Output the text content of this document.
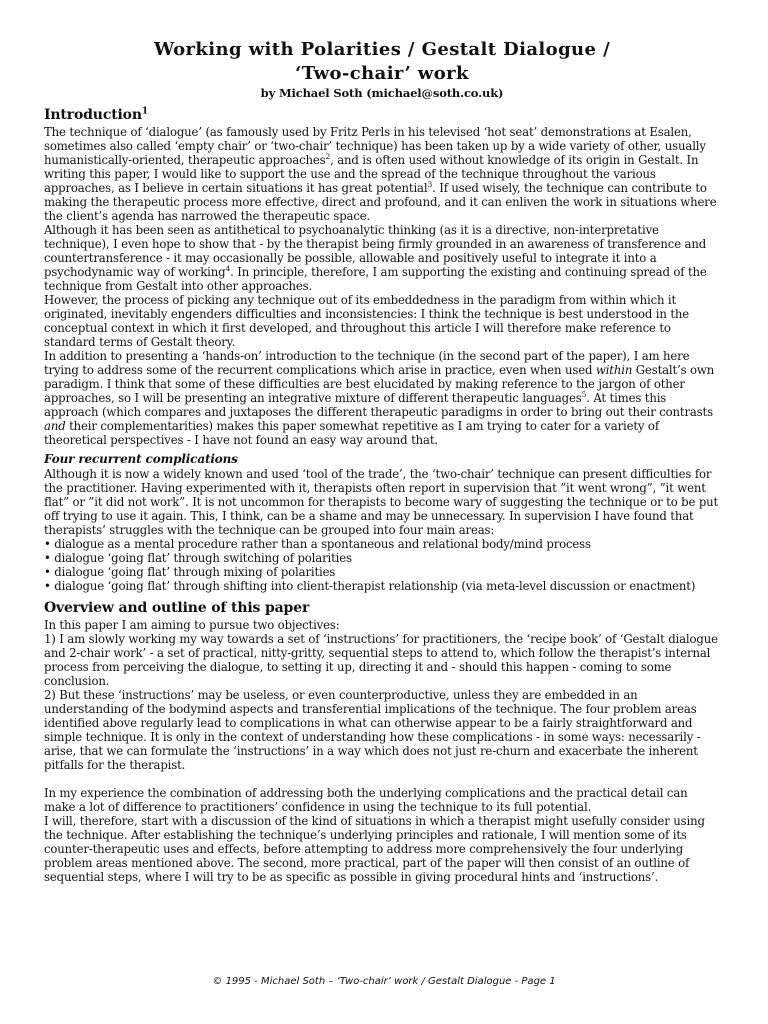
Working with Polarities / Gestalt Dialogue /
‘Two-chair’ work

by Michael Soth (michael@soth.co.uk)

Introduction$^1$

The technique of ‘dialogue’ (as famously used by Fritz Perls in his televised ‘hot seat’ demonstrations at Esalen, sometimes also called ‘empty chair’ or ‘two-chair’ technique) has been taken up by a wide variety of other, usually humanistically-oriented, therapeutic approaches$^2$, and is often used without knowledge of its origin in Gestalt. In writing this paper, I would like to support the use and the spread of the technique throughout the various approaches, as I believe in certain situations it has great potential$^3$. If used wisely, the technique can contribute to making the therapeutic process more effective, direct and profound, and it can enliven the work in situations where the client’s agenda has narrowed the therapeutic space.

Although it has been seen as antithetical to psychoanalytic thinking (as it is a directive, non-interpretative technique), I even hope to show that - by the therapist being firmly grounded in an awareness of transference and countertransference - it may occasionally be possible, allowable and positively useful to integrate it into a psychodynamic way of working$^4$. In principle, therefore, I am supporting the existing and continuing spread of the technique from Gestalt into other approaches.

However, the process of picking any technique out of its embeddedness in the paradigm from within which it originated, inevitably engenders difficulties and inconsistencies: I think the technique is best understood in the conceptual context in which it first developed, and throughout this article I will therefore make reference to standard terms of Gestalt theory.

In addition to presenting a ‘hands-on’ introduction to the technique (in the second part of the paper), I am here trying to address some of the recurrent complications which arise in practice, even when used within Gestalt’s own paradigm. I think that some of these difficulties are best elucidated by making reference to the jargon of other approaches, so I will be presenting an integrative mixture of different therapeutic languages$^5$. At times this approach (which compares and juxtaposes the different therapeutic paradigms in order to bring out their contrasts and their complementarities) makes this paper somewhat repetitive as I am trying to cater for a variety of theoretical perspectives - I have not found an easy way around that.

Four recurrent complications

Although it is now a widely known and used ‘tool of the trade’, the ‘two-chair’ technique can present difficulties for the practitioner. Having experimented with it, therapists often report in supervision that ”it went wrong”, ”it went flat” or ”it did not work”. It is not uncommon for therapists to become wary of suggesting the technique or to be put off trying to use it again. This, I think, can be a shame and may be unnecessary. In supervision I have found that therapists’ struggles with the technique can be grouped into four main areas:

• dialogue as a mental procedure rather than a spontaneous and relational body/mind process

• dialogue ‘going flat’ through switching of polarities

• dialogue ‘going flat’ through mixing of polarities

• dialogue ‘going flat’ through shifting into client-therapist relationship (via meta-level discussion or enactment)

Overview and outline of this paper

In this paper I am aiming to pursue two objectives:

1) I am slowly working my way towards a set of ‘instructions’ for practitioners, the ‘recipe book’ of ‘Gestalt dialogue and 2-chair work’ - a set of practical, nitty-gritty, sequential steps to attend to, which follow the therapist’s internal process from perceiving the dialogue, to setting it up, directing it and - should this happen - coming to some conclusion.

2) But these ‘instructions’ may be useless, or even counterproductive, unless they are embedded in an understanding of the bodymind aspects and transferential implications of the technique. The four problem areas identified above regularly lead to complications in what can otherwise appear to be a fairly straightforward and simple technique. It is only in the context of understanding how these complications - in some ways: necessarily - arise, that we can formulate the ‘instructions’ in a way which does not just re-churn and exacerbate the inherent pitfalls for the therapist.

In my experience the combination of addressing both the underlying complications and the practical detail can make a lot of difference to practitioners’ confidence in using the technique to its full potential.

I will, therefore, start with a discussion of the kind of situations in which a therapist might usefully consider using the technique. After establishing the technique’s underlying principles and rationale, I will mention some of its counter-therapeutic uses and effects, before attempting to address more comprehensively the four underlying problem areas mentioned above. The second, more practical, part of the paper will then consist of an outline of sequential steps, where I will try to be as specific as possible in giving procedural hints and ‘instructions’.

© 1995 - Michael Soth – ‘Two-chair’ work / Gestalt Dialogue - Page 1
